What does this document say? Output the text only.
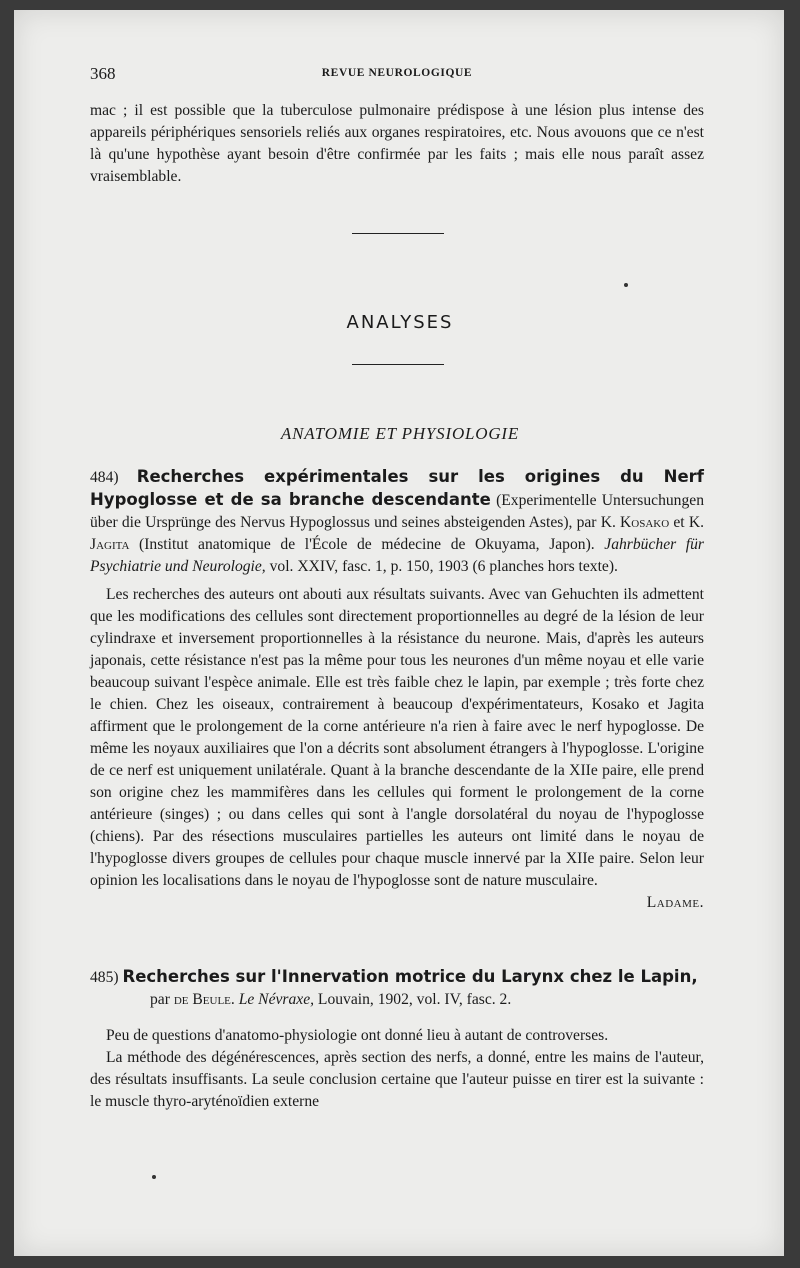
368	REVUE NEUROLOGIQUE

mac ; il est possible que la tuberculose pulmonaire prédispose à une lésion plus intense des appareils périphériques sensoriels reliés aux organes respiratoires, etc. Nous avouons que ce n'est là qu'une hypothèse ayant besoin d'être confirmée par les faits ; mais elle nous paraît assez vraisemblable.

ANALYSES
ANATOMIE ET PHYSIOLOGIE

484) Recherches expérimentales sur les origines du Nerf Hypoglosse et de sa branche descendante (Experimentelle Untersuchungen über die Ursprünge des Nervus Hypoglossus und seines absteigenden Astes), par K. Kosako et K. Jagita (Institut anatomique de l'École de médecine de Okuyama, Japon). Jahrbücher für Psychiatrie und Neurologie, vol. XXIV, fasc. 1, p. 150, 1903 (6 planches hors texte).

Les recherches des auteurs ont abouti aux résultats suivants. Avec van Gehuchten ils admettent que les modifications des cellules sont directement proportionnelles au degré de la lésion de leur cylindraxe et inversement proportionnelles à la résistance du neurone. Mais, d'après les auteurs japonais, cette résistance n'est pas la même pour tous les neurones d'un même noyau et elle varie beaucoup suivant l'espèce animale. Elle est très faible chez le lapin, par exemple ; très forte chez le chien. Chez les oiseaux, contrairement à beaucoup d'expérimentateurs, Kosako et Jagita affirment que le prolongement de la corne antérieure n'a rien à faire avec le nerf hypoglosse. De même les noyaux auxiliaires que l'on a décrits sont absolument étrangers à l'hypoglosse. L'origine de ce nerf est uniquement unilatérale. Quant à la branche descendante de la XIIe paire, elle prend son origine chez les mammifères dans les cellules qui forment le prolongement de la corne antérieure (singes) ; ou dans celles qui sont à l'angle dorsolatéral du noyau de l'hypoglosse (chiens). Par des résections musculaires partielles les auteurs ont limité dans le noyau de l'hypoglosse divers groupes de cellules pour chaque muscle innervé par la XIIe paire. Selon leur opinion les localisations dans le noyau de l'hypoglosse sont de nature musculaire.

Ladame.

485) Recherches sur l'Innervation motrice du Larynx chez le Lapin,

par de Beule. Le Névraxe, Louvain, 1902, vol. IV, fasc. 2.

Peu de questions d'anatomo-physiologie ont donné lieu à autant de controverses.

La méthode des dégénérescences, après section des nerfs, a donné, entre les mains de l'auteur, des résultats insuffisants. La seule conclusion certaine que l'auteur puisse en tirer est la suivante : le muscle thyro-aryténoïdien externe
